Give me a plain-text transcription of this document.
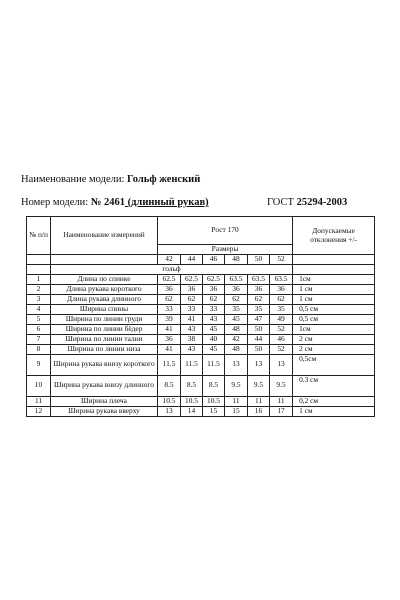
Наименование модели: Гольф женский
Номер модели: № 2461 (длинный рукав)	ГОСТ 25294-2003
№ п/п	Наименование измерений	Рост 170						Допускаемые отклонения +/-
		Размеры						
		42	44	46	48	50	52	
	гольф							
1	Длина по спинке	62.5	62.5	62.5	63.5	63.5	63.5	1см
2	Длина рукава короткого	36	36	36	36	36	36	1 см
3	Длина рукава длинного	62	62	62	62	62	62	1 см
4	Ширина спины	33	33	33	35	35	35	0,5 см
5	Ширина по линии груди	39	41	43	45	47	49	0,5 см
6	Ширина по линии бёдер	41	43	45	48	50	52	1см
7	Ширина по линии талии	36	38	40	42	44	46	2 см
8	Ширина по линии низа	41	43	45	48	50	52	2 см
9	Ширина рукава внизу короткого	11.5	11.5	11.5	13	13	13	0,5см
10	Ширина рукава внизу длинного	8.5	8.5	8.5	9.5	9.5	9.5	0.3 см
11	Ширина плеча	10.5	10.5	10.5	11	11	11	0,2 см
12	Ширина рукава вверху	13	14	15	15	16	17	1 см
